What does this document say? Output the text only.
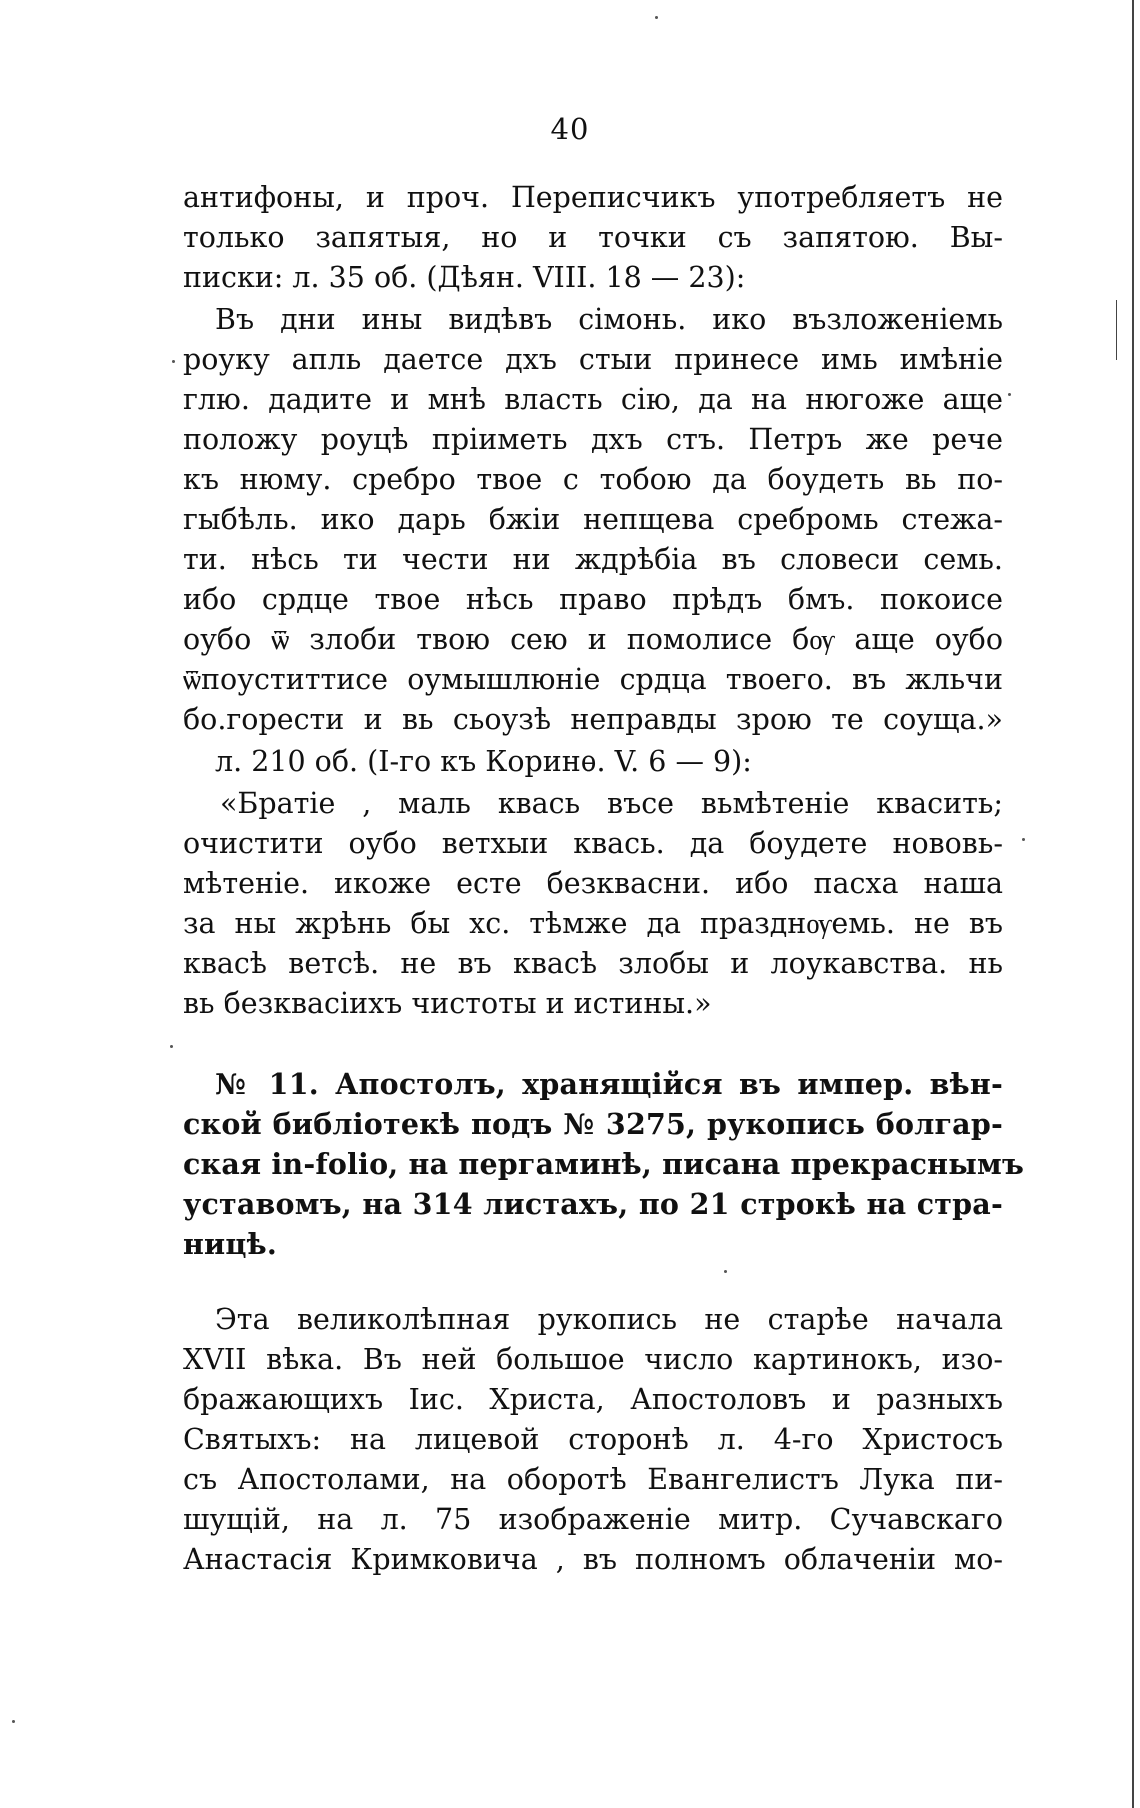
40
антифоны, и проч. Переписчикъ употребляетъ не
только запятыя, но и точки съ запятою. Вы-
писки: л. 35 об. (Дѣян. VIII. 18 — 23):
Въ дни ины видѣвъ сімонь. ико възложеніемь
роуку апль даетсе дхъ стыи принесе имь имѣніе
глю. дадите и мнѣ власть сію, да на нюгоже аще
положу роуцѣ пріиметь дхъ стъ. Петръ же рече
къ нюму. сребро твое с тобою да боудеть вь по-
гыбѣль. ико дарь бжіи непщева сребромь стежа-
ти. нѣсь ти чести ни ждрѣбіа въ словеси семь.
ибо срдце твое нѣсь право прѣдъ бмъ. покоисе
оубо ѿ злоби твою сею и помолисе бѹ аще оубо
ѿпоуститтисе оумышлюніе срдца твоего. въ жльчи
бо.горести и вь сьоузѣ неправды зрою те соуща.»
л. 210 об. (І-го къ Коринѳ. V. 6 — 9):
«Братіе , маль квась въсе вьмѣтеніе квасить;
очистити оубо ветхыи квась. да боудете нововь-
мѣтеніе. икоже есте безквасни. ибо пасха наша
за ны жрѣнь бы хс. тѣмже да празднѹемь. не въ
квасѣ ветсѣ. не въ квасѣ злобы и лоукавства. нь
вь безквасіихъ чистоты и истины.»
№ 11. Апостолъ, хранящійся въ импер. вѣн-
ской библіотекѣ подъ № 3275, рукопись болгар-
ская in-folio, на пергаминѣ, писана прекраснымъ
уставомъ, на 314 листахъ, по 21 строкѣ на стра-
ницѣ.
Эта великолѣпная рукопись не старѣе начала
XVII вѣка. Въ ней большое число картинокъ, изо-
бражающихъ Іис. Христа, Апостоловъ и разныхъ
Святыхъ: на лицевой сторонѣ л. 4-го Христосъ
съ Апостолами, на оборотѣ Евангелистъ Лука пи-
шущій, на л. 75 изображеніе митр. Сучавскаго
Анастасія Кримковича , въ полномъ облаченіи мо-
